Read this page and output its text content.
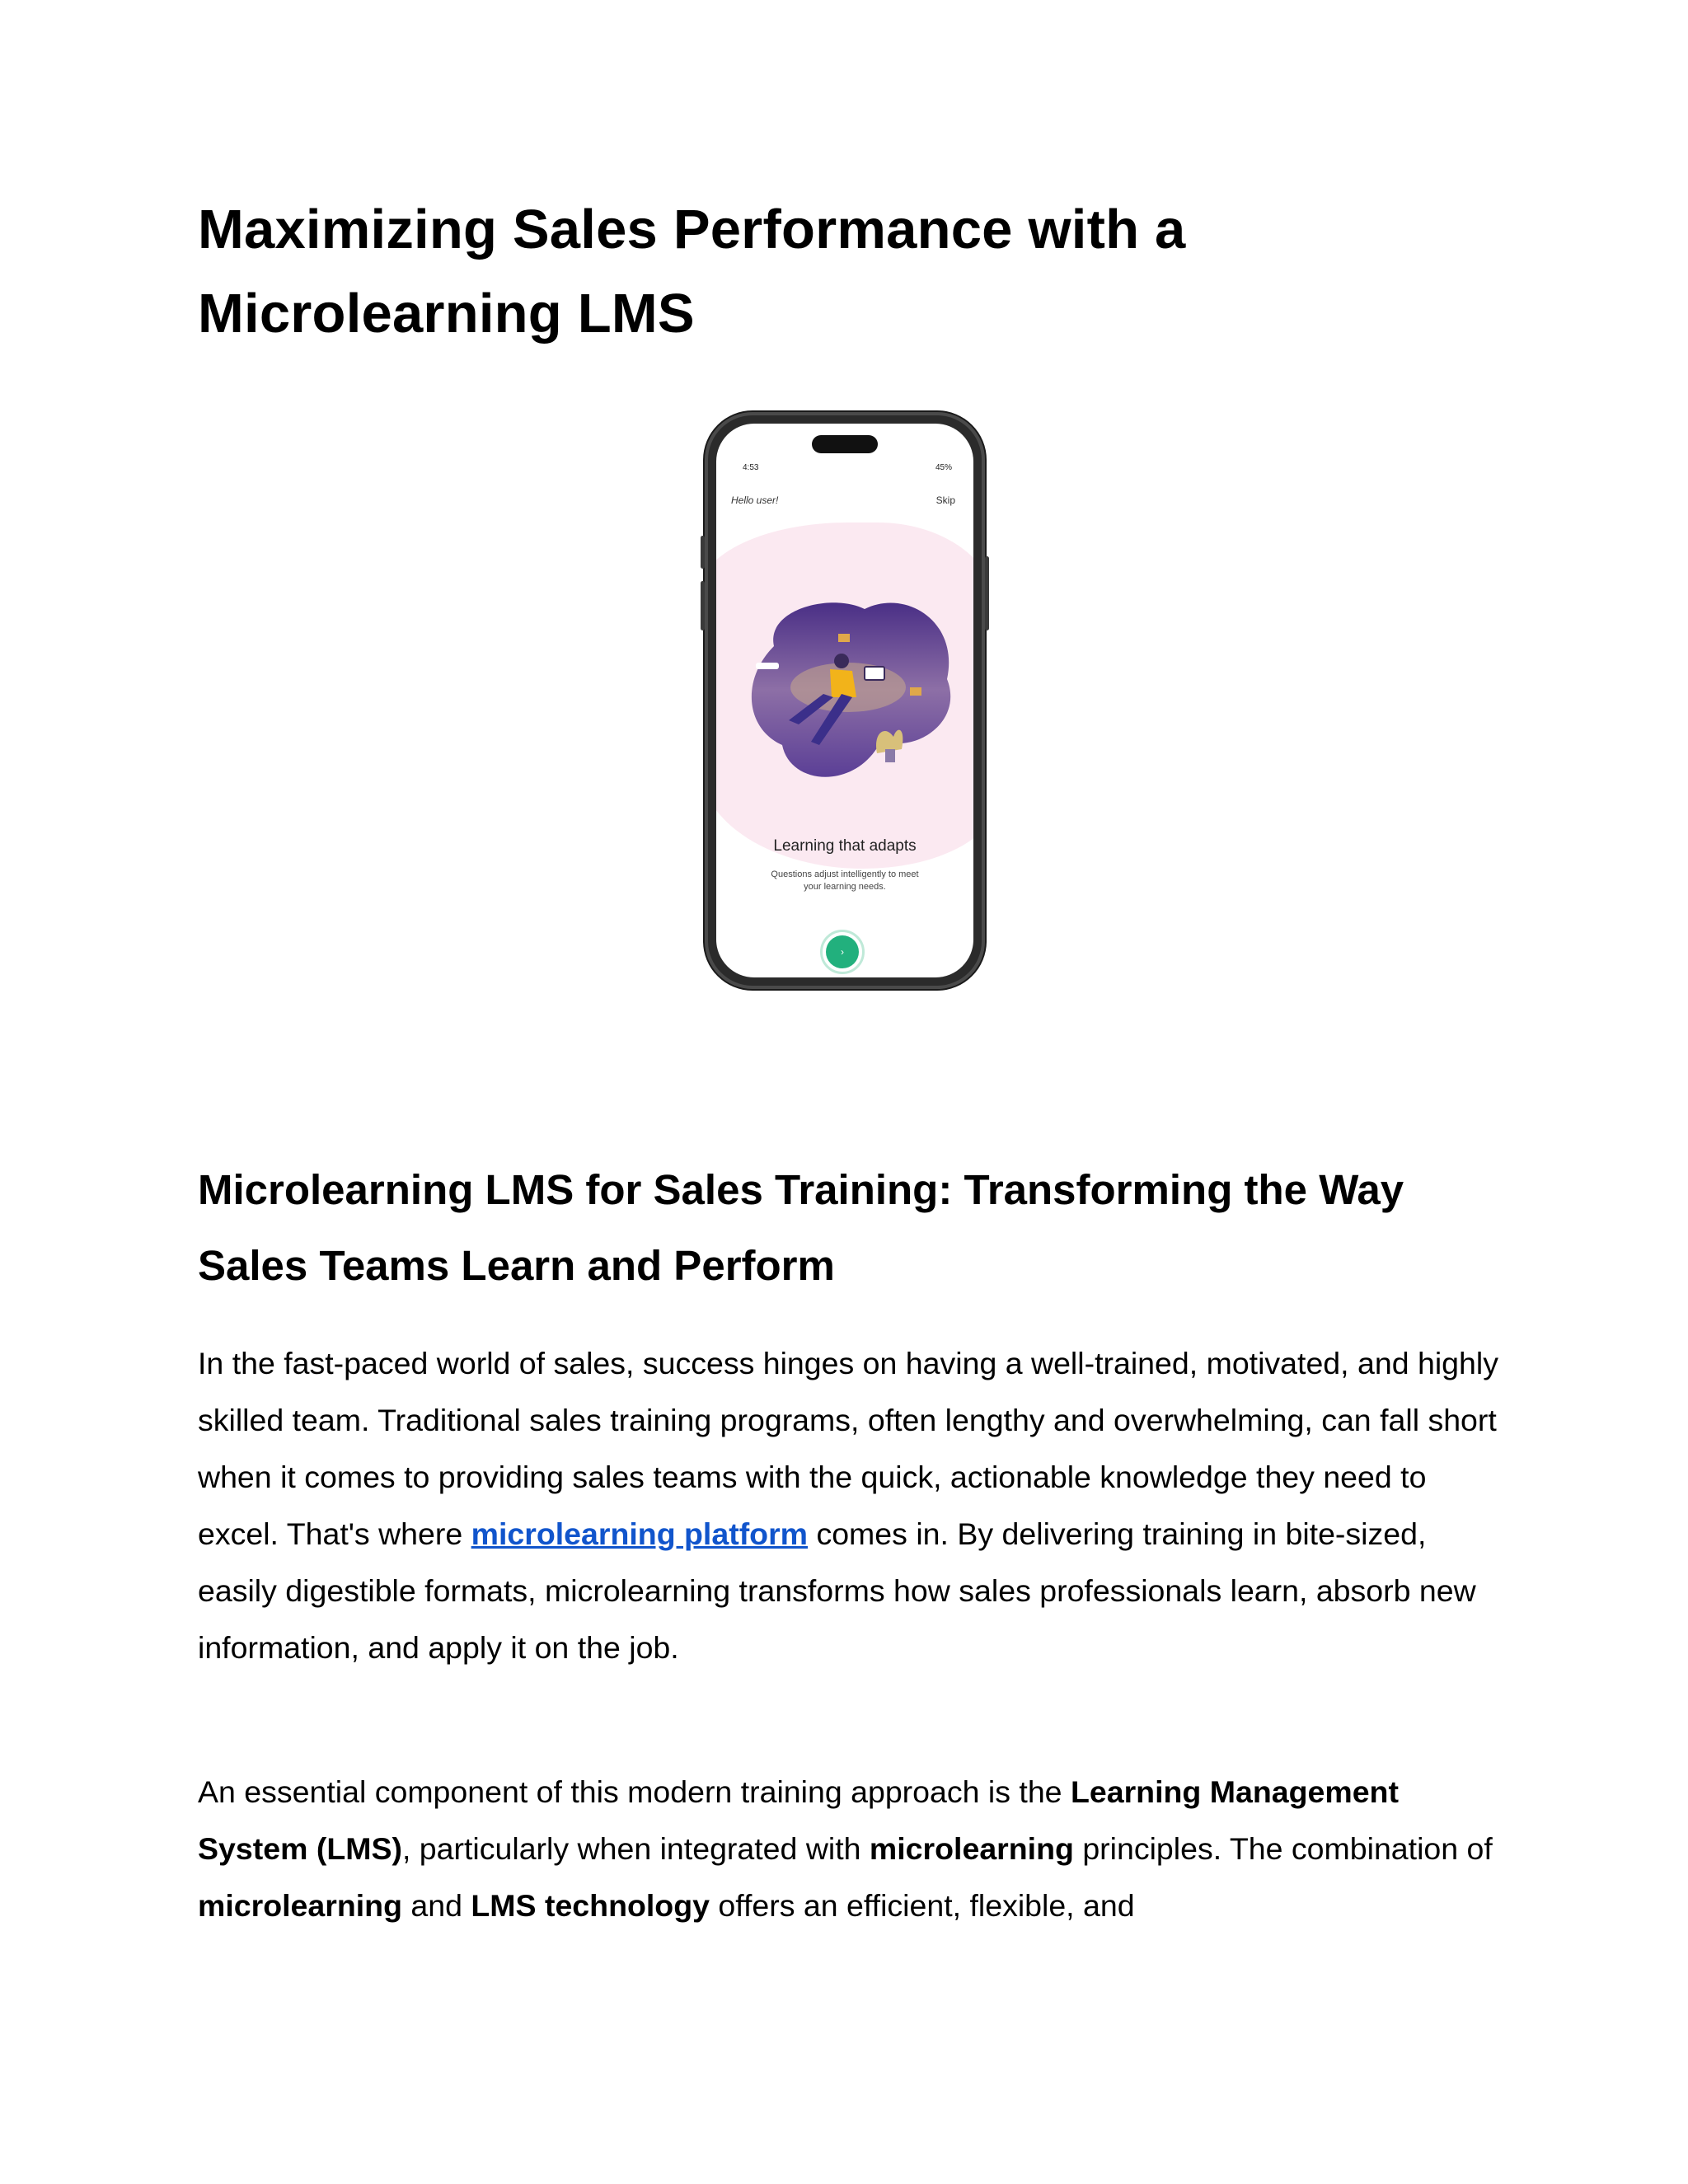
Maximizing Sales Performance with a
Microlearning LMS
Microlearning LMS for Sales Training: Transforming the Way
Sales Teams Learn and Perform

In the fast-paced world of sales, success hinges on having a well-trained, motivated, and highly skilled team. Traditional sales training programs, often lengthy and overwhelming, can fall short when it comes to providing sales teams with the quick, actionable knowledge they need to excel. That's where microlearning platform comes in. By delivering training in bite-sized, easily digestible formats, microlearning transforms how sales professionals learn, absorb new information, and apply it on the job.

An essential component of this modern training approach is the Learning Management System (LMS), particularly when integrated with microlearning principles. The combination of microlearning and LMS technology offers an efficient, flexible, and

4:53	45%
Hello user!	Skip
Learning that adapts
Questions adjust intelligently to meet your learning needs.
›
